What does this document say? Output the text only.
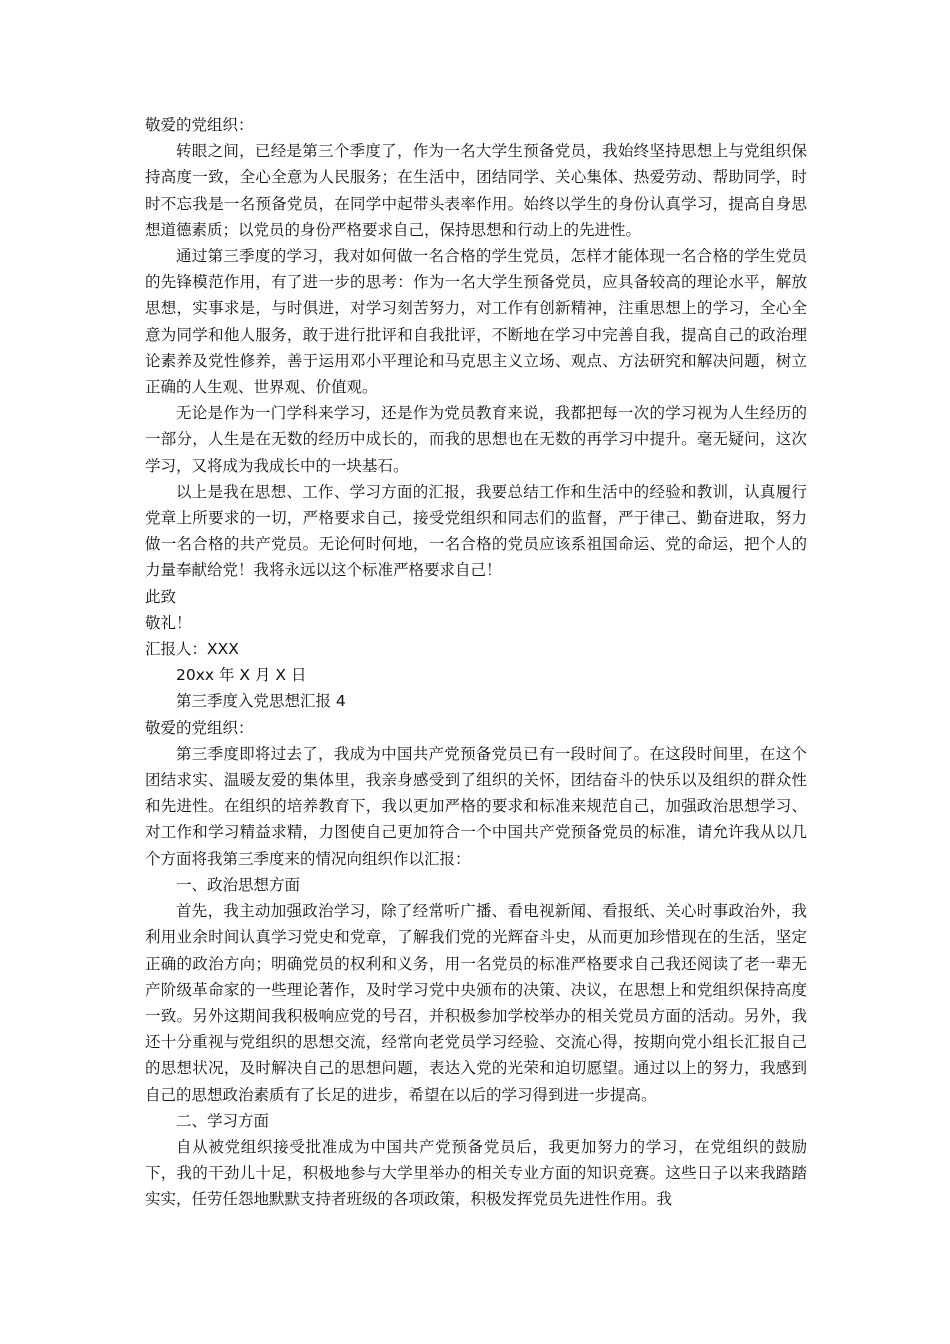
敬爱的党组织：

转眼之间，已经是第三个季度了，作为一名大学生预备党员，我始终坚持思想上与党组织保持高度一致，全心全意为人民服务；在生活中，团结同学、关心集体、热爱劳动、帮助同学，时时不忘我是一名预备党员，在同学中起带头表率作用。始终以学生的身份认真学习，提高自身思想道德素质；以党员的身份严格要求自己，保持思想和行动上的先进性。

通过第三季度的学习，我对如何做一名合格的学生党员，怎样才能体现一名合格的学生党员的先锋模范作用，有了进一步的思考：作为一名大学生预备党员，应具备较高的理论水平，解放思想，实事求是，与时俱进，对学习刻苦努力，对工作有创新精神，注重思想上的学习，全心全意为同学和他人服务，敢于进行批评和自我批评，不断地在学习中完善自我，提高自己的政治理论素养及党性修养，善于运用邓小平理论和马克思主义立场、观点、方法研究和解决问题，树立正确的人生观、世界观、价值观。

无论是作为一门学科来学习，还是作为党员教育来说，我都把每一次的学习视为人生经历的一部分，人生是在无数的经历中成长的，而我的思想也在无数的再学习中提升。毫无疑问，这次学习，又将成为我成长中的一块基石。

以上是我在思想、工作、学习方面的汇报，我要总结工作和生活中的经验和教训，认真履行党章上所要求的一切，严格要求自己，接受党组织和同志们的监督，严于律己、勤奋进取，努力做一名合格的共产党员。无论何时何地，一名合格的党员应该系祖国命运、党的命运，把个人的力量奉献给党！我将永远以这个标准严格要求自己！

此致

敬礼！

汇报人：XXX

20xx 年 X 月 X 日

第三季度入党思想汇报 4

敬爱的党组织：

第三季度即将过去了，我成为中国共产党预备党员已有一段时间了。在这段时间里，在这个团结求实、温暖友爱的集体里，我亲身感受到了组织的关怀，团结奋斗的快乐以及组织的群众性和先进性。在组织的培养教育下，我以更加严格的要求和标准来规范自己，加强政治思想学习、对工作和学习精益求精，力图使自己更加符合一个中国共产党预备党员的标准，请允许我从以几个方面将我第三季度来的情况向组织作以汇报：

一、政治思想方面

首先，我主动加强政治学习，除了经常听广播、看电视新闻、看报纸、关心时事政治外，我利用业余时间认真学习党史和党章，了解我们党的光辉奋斗史，从而更加珍惜现在的生活，坚定正确的政治方向；明确党员的权利和义务，用一名党员的标准严格要求自己我还阅读了老一辈无产阶级革命家的一些理论著作，及时学习党中央颁布的决策、决议，在思想上和党组织保持高度一致。另外这期间我积极响应党的号召，并积极参加学校举办的相关党员方面的活动。另外，我还十分重视与党组织的思想交流，经常向老党员学习经验、交流心得，按期向党小组长汇报自己的思想状况，及时解决自己的思想问题，表达入党的光荣和迫切愿望。通过以上的努力，我感到自己的思想政治素质有了长足的进步，希望在以后的学习得到进一步提高。

二、学习方面

自从被党组织接受批准成为中国共产党预备党员后，我更加努力的学习，在党组织的鼓励下，我的干劲儿十足，积极地参与大学里举办的相关专业方面的知识竞赛。这些日子以来我踏踏实实，任劳任怨地默默支持者班级的各项政策，积极发挥党员先进性作用。我
